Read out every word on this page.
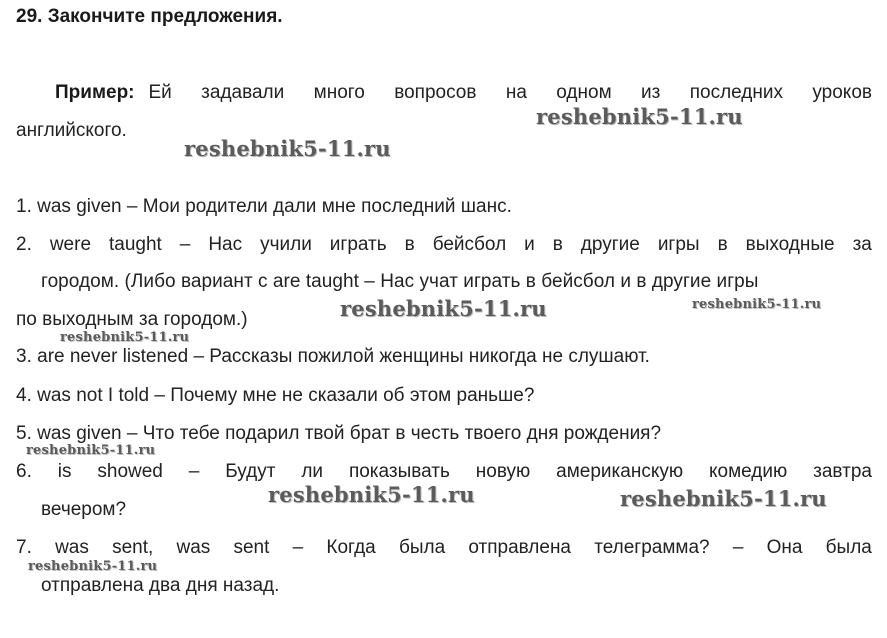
29. Закончите предложения.
Пример: Ей задавали много вопросов на одном из последних уроков
английского.
1. was given – Мои родители дали мне последний шанс.
2. were taught – Нас учили играть в бейсбол и в другие игры в выходные за
городом. (Либо вариант с are taught – Нас учат играть в бейсбол и в другие игры
по выходным за городом.)
3. are never listened – Рассказы пожилой женщины никогда не слушают.
4. was not I told – Почему мне не сказали об этом раньше?
5. was given – Что тебе подарил твой брат в честь твоего дня рождения?
6. is showed – Будут ли показывать новую американскую комедию завтра
вечером?
7. was sent, was sent – Когда была отправлена телеграмма? – Она была
отправлена два дня назад.
reshebnik5-11.ru
reshebnik5-11.ru
reshebnik5-11.ru	reshebnik5-11.ru
reshebnik5-11.ru
reshebnik5-11.ru
reshebnik5-11.ru	reshebnik5-11.ru
reshebnik5-11.ru
